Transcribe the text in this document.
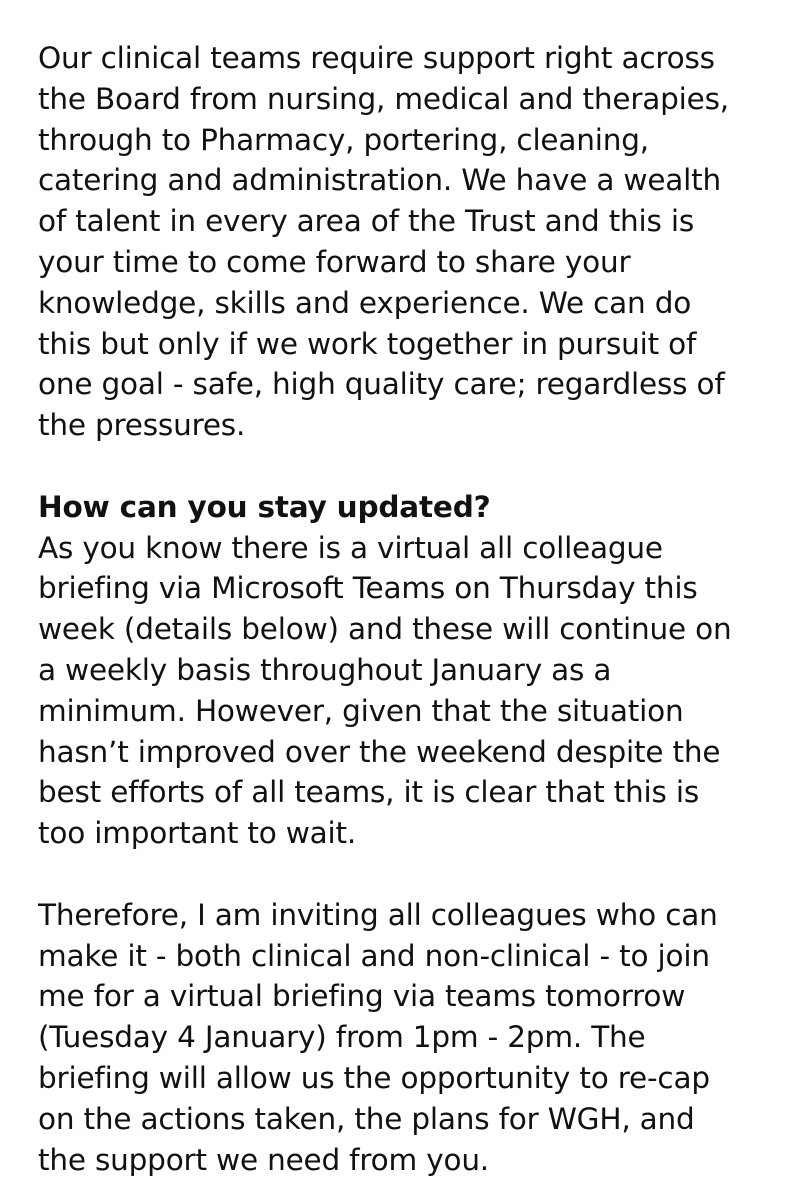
Our clinical teams require support right across
the Board from nursing, medical and therapies,
through to Pharmacy, portering, cleaning,
catering and administration. We have a wealth
of talent in every area of the Trust and this is
your time to come forward to share your
knowledge, skills and experience. We can do
this but only if we work together in pursuit of
one goal - safe, high quality care; regardless of
the pressures.
How can you stay updated?
As you know there is a virtual all colleague
briefing via Microsoft Teams on Thursday this
week (details below) and these will continue on
a weekly basis throughout January as a
minimum. However, given that the situation
hasn’t improved over the weekend despite the
best efforts of all teams, it is clear that this is
too important to wait.
Therefore, I am inviting all colleagues who can
make it - both clinical and non-clinical - to join
me for a virtual briefing via teams tomorrow
(Tuesday 4 January) from 1pm - 2pm. The
briefing will allow us the opportunity to re-cap
on the actions taken, the plans for WGH, and
the support we need from you.
